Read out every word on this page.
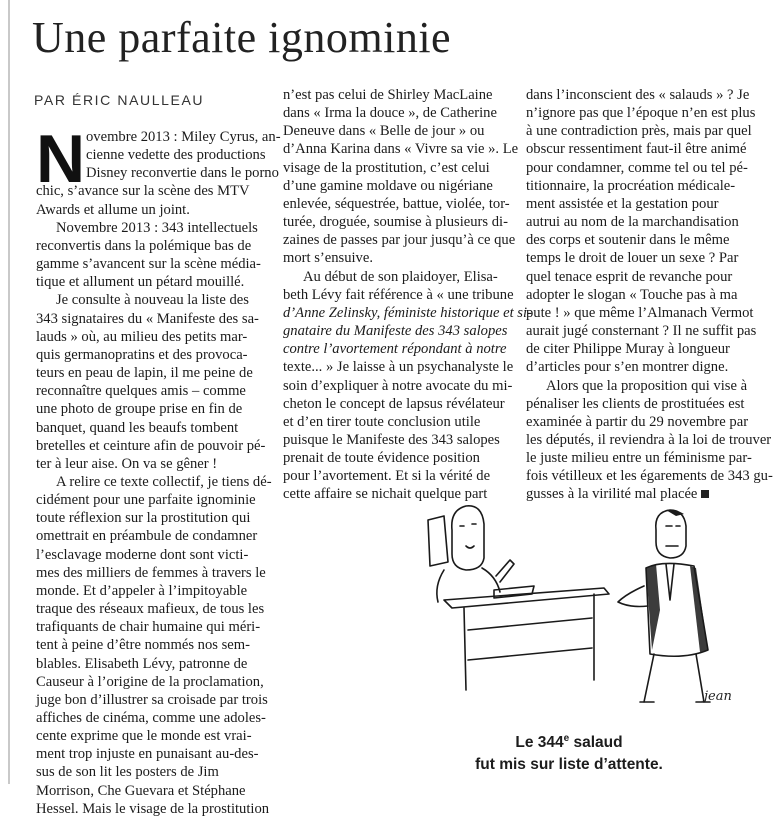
Une parfaite ignominie
PAR ÉRIC NAULLEAU
N ovembre 2013 : Miley Cyrus, an-

cienne vedette des productions

Disney reconvertie dans le porno

chic, s’avance sur la scène des MTV

Awards et allume un joint.

Novembre 2013 : 343 intellectuels

reconvertis dans la polémique bas de

gamme s’avancent sur la scène média-

tique et allument un pétard mouillé.

Je consulte à nouveau la liste des

343 signataires du « Manifeste des sa-

lauds » où, au milieu des petits mar-

quis germanopratins et des provoca-

teurs en peau de lapin, il me peine de

reconnaître quelques amis – comme

une photo de groupe prise en fin de

banquet, quand les beaufs tombent

bretelles et ceinture afin de pouvoir pé-

ter à leur aise. On va se gêner !

A relire ce texte collectif, je tiens dé-

cidément pour une parfaite ignominie

toute réflexion sur la prostitution qui

omettrait en préambule de condamner

l’esclavage moderne dont sont victi-

mes des milliers de femmes à travers le

monde. Et d’appeler à l’impitoyable

traque des réseaux mafieux, de tous les

trafiquants de chair humaine qui méri-

tent à peine d’être nommés nos sem-

blables. Elisabeth Lévy, patronne de

Causeur à l’origine de la proclamation,

juge bon d’illustrer sa croisade par trois

affiches de cinéma, comme une adoles-

cente exprime que le monde est vrai-

ment trop injuste en punaisant au-des-

sus de son lit les posters de Jim

Morrison, Che Guevara et Stéphane

Hessel. Mais le visage de la prostitution

n’est pas celui de Shirley MacLaine

dans « Irma la douce », de Catherine

Deneuve dans « Belle de jour » ou

d’Anna Karina dans « Vivre sa vie ». Le

visage de la prostitution, c’est celui

d’une gamine moldave ou nigériane

enlevée, séquestrée, battue, violée, tor-

turée, droguée, soumise à plusieurs di-

zaines de passes par jour jusqu’à ce que

mort s’ensuive.

Au début de son plaidoyer, Elisa-

beth Lévy fait référence à « une tribune

d’Anne Zelinsky, féministe historique et si-

gnataire du Manifeste des 343 salopes

contre l’avortement répondant à notre

texte... » Je laisse à un psychanalyste le

soin d’expliquer à notre avocate du mi-

cheton le concept de lapsus révélateur

et d’en tirer toute conclusion utile

puisque le Manifeste des 343 salopes

prenait de toute évidence position

pour l’avortement. Et si la vérité de

cette affaire se nichait quelque part

dans l’inconscient des « salauds » ? Je

n’ignore pas que l’époque n’en est plus

à une contradiction près, mais par quel

obscur ressentiment faut-il être animé

pour condamner, comme tel ou tel pé-

titionnaire, la procréation médicale-

ment assistée et la gestation pour

autrui au nom de la marchandisation

des corps et soutenir dans le même

temps le droit de louer un sexe ? Par

quel tenace esprit de revanche pour

adopter le slogan « Touche pas à ma

pute ! » que même l’Almanach Vermot

aurait jugé consternant ? Il ne suffit pas

de citer Philippe Muray à longueur

d’articles pour s’en montrer digne.

Alors que la proposition qui vise à

pénaliser les clients de prostituées est

examinée à partir du 29 novembre par

les députés, il reviendra à la loi de trouver

le juste milieu entre un féminisme par-

fois vétilleux et les égarements de 343 gu-

gusses à la virilité mal placée

jean
Le 344e salaud
fut mis sur liste d’attente.
